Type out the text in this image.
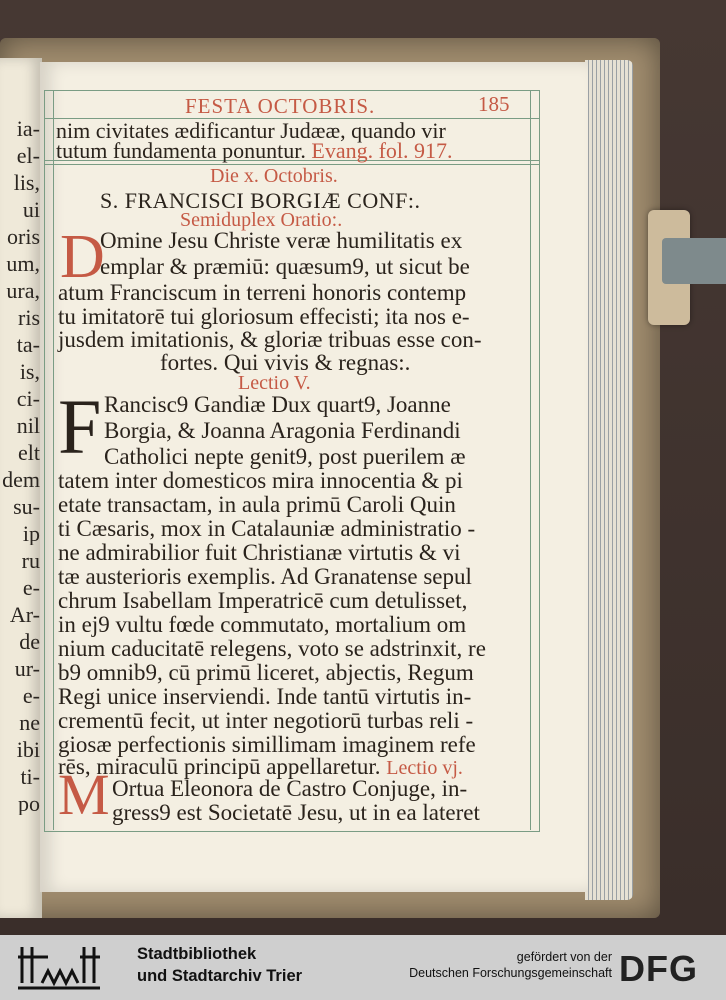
ia-
el-
lis,
ui
oris
um,
ura,
ris
ta-
is,
ci-
nil
elt
dem
su-
ip
ru
e-
Ar-
de
ur-
e-
ne
ibi
ti-
po
FESTA OCTOBRIS.	185
nim civitates ædificantur Judææ, quando vir
tutum fundamenta ponuntur. Evang. fol. 917.
Die x. Octobris.
S. FRANCISCI BORGIÆ CONF:.
Semiduplex Oratio:.
D
Omine Jesu Christe veræ humilitatis ex
emplar & præmiū: quæsum9, ut sicut be
atum Franciscum in terreni honoris contemp
tu imitatorē tui gloriosum effecisti; ita nos e-
jusdem imitationis, & gloriæ tribuas esse con-
fortes. Qui vivis & regnas:.
Lectio V.
F Rancisc9 Gandiæ Dux quart9, Joanne
Borgia, & Joanna Aragonia Ferdinandi
Catholici nepte genit9, post puerilem æ
tatem inter domesticos mira innocentia & pi
etate transactam, in aula primū Caroli Quin
ti Cæsaris, mox in Catalauniæ administratio -
ne admirabilior fuit Christianæ virtutis & vi
tæ austerioris exemplis. Ad Granatense sepul
chrum Isabellam Imperatricē cum detulisset,
in ej9 vultu fœde commutato, mortalium om
nium caducitatē relegens, voto se adstrinxit, re
b9 omnib9, cū primū liceret, abjectis, Regum
Regi unice inserviendi. Inde tantū virtutis in-
crementū fecit, ut inter negotiorū turbas reli -
giosæ perfectionis simillimam imaginem refe
rēs, miraculū principū appellaretur. Lectio vj.
M Ortua Eleonora de Castro Conjuge, in-
gress9 est Societatē Jesu, ut in ea lateret
Stadtbibliothek
und Stadtarchiv Trier
gefördert von der
Deutschen Forschungsgemeinschaft DFG
